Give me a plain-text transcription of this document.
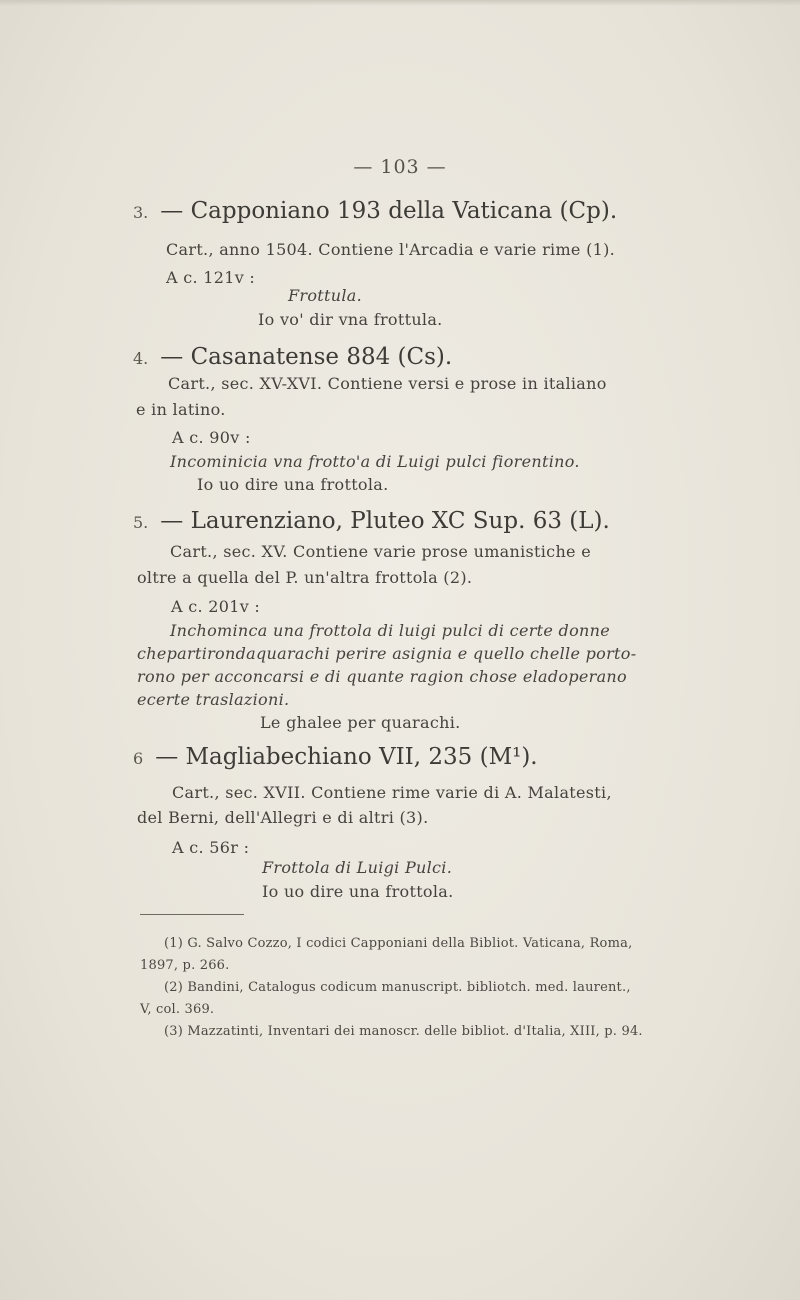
— 103 —
3. — Capponiano 193 della Vaticana (Cp).
Cart., anno 1504. Contiene l'Arcadia e varie rime (1).
A c. 121v :
Frottula.
Io vo' dir vna frottula.
4. — Casanatense 884 (Cs).
Cart., sec. XV-XVI. Contiene versi e prose in italiano
e in latino.
A c. 90v :
Incominicia vna frotto'a di Luigi pulci fiorentino.
Io uo dire una frottola.
5. — Laurenziano, Pluteo XC Sup. 63 (L).
Cart., sec. XV. Contiene varie prose umanistiche e
oltre a quella del P. un'altra frottola (2).
A c. 201v :
Inchominca una frottola di luigi pulci di certe donne
chepartirondaquarachi perire asignia e quello chelle porto-
rono per acconcarsi e di quante ragion chose eladoperano
ecerte traslazioni.
Le ghalee per quarachi.
6 — Magliabechiano VII, 235 (M¹).
Cart., sec. XVII. Contiene rime varie di A. Malatesti,
del Berni, dell'Allegri e di altri (3).
A c. 56r :
Frottola di Luigi Pulci.
Io uo dire una frottola.
(1) G. Salvo Cozzo, I codici Capponiani della Bibliot. Vaticana, Roma,
1897, p. 266.
(2) Bandini, Catalogus codicum manuscript. bibliotch. med. laurent.,
V, col. 369.
(3) Mazzatinti, Inventari dei manoscr. delle bibliot. d'Italia, XIII, p. 94.
